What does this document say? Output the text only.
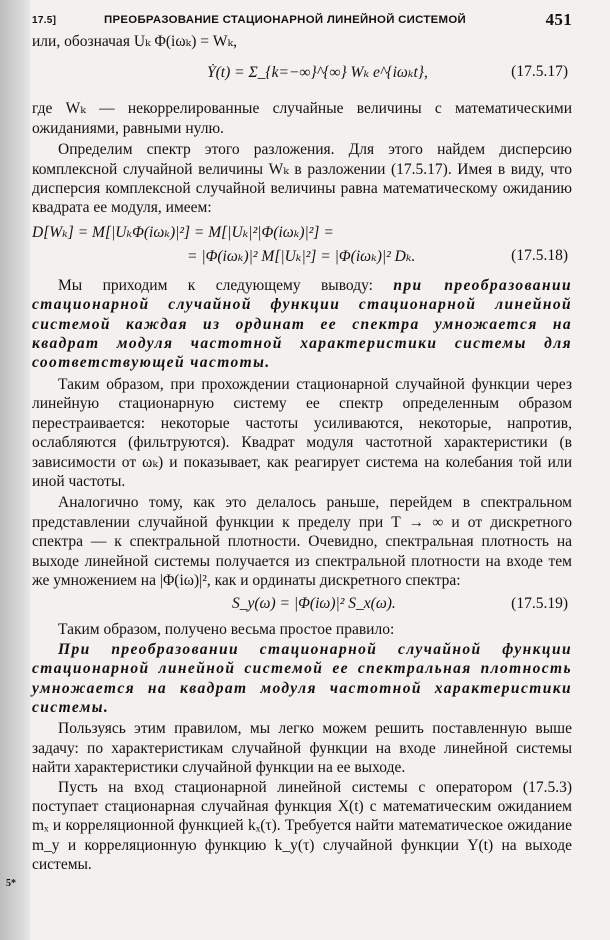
17.5]	ПРЕОБРАЗОВАНИЕ СТАЦИОНАРНОЙ ЛИНЕЙНОЙ СИСТЕМОЙ	451

или, обозначая Uₖ Φ(iωₖ) = Wₖ,

Ẏ(t) = Σ_{k=−∞}^{∞} Wₖ e^{iωₖt},	(17.5.17)

где Wₖ — некоррелированные случайные величины с математическими ожиданиями, равными нулю.

Определим спектр этого разложения. Для этого найдем дисперсию комплексной случайной величины Wₖ в разложении (17.5.17). Имея в виду, что дисперсия комплексной случайной величины равна математическому ожиданию квадрата ее модуля, имеем:

D[Wₖ] = M[|UₖΦ(iωₖ)|²] = M[|Uₖ|²|Φ(iωₖ)|²] =
= |Φ(iωₖ)|² M[|Uₖ|²] = |Φ(iωₖ)|² Dₖ.	(17.5.18)

Мы приходим к следующему выводу: при преобразовании стационарной случайной функции стационарной линейной системой каждая из ординат ее спектра умножается на квадрат модуля частотной характеристики системы для соответствующей частоты.

Таким образом, при прохождении стационарной случайной функции через линейную стационарную систему ее спектр определенным образом перестраивается: некоторые частоты усиливаются, некоторые, напротив, ослабляются (фильтруются). Квадрат модуля частотной характеристики (в зависимости от ωₖ) и показывает, как реагирует система на колебания той или иной частоты.

Аналогично тому, как это делалось раньше, перейдем в спектральном представлении случайной функции к пределу при T → ∞ и от дискретного спектра — к спектральной плотности. Очевидно, спектральная плотность на выходе линейной системы получается из спектральной плотности на входе тем же умножением на |Φ(iω)|², как и ординаты дискретного спектра:

S_y(ω) = |Φ(iω)|² S_x(ω).	(17.5.19)

Таким образом, получено весьма простое правило:

При преобразовании стационарной случайной функции стационарной линейной системой ее спектральная плотность умножается на квадрат модуля частотной характеристики системы.

Пользуясь этим правилом, мы легко можем решить поставленную выше задачу: по характеристикам случайной функции на входе линейной системы найти характеристики случайной функции на ее выходе.

Пусть на вход стационарной линейной системы с оператором (17.5.3) поступает стационарная случайная функция X(t) с математическим ожиданием mₓ и корреляционной функцией kₓ(τ). Требуется найти математическое ожидание m_y и корреляционную функцию k_y(τ) случайной функции Y(t) на выходе системы.

5*
